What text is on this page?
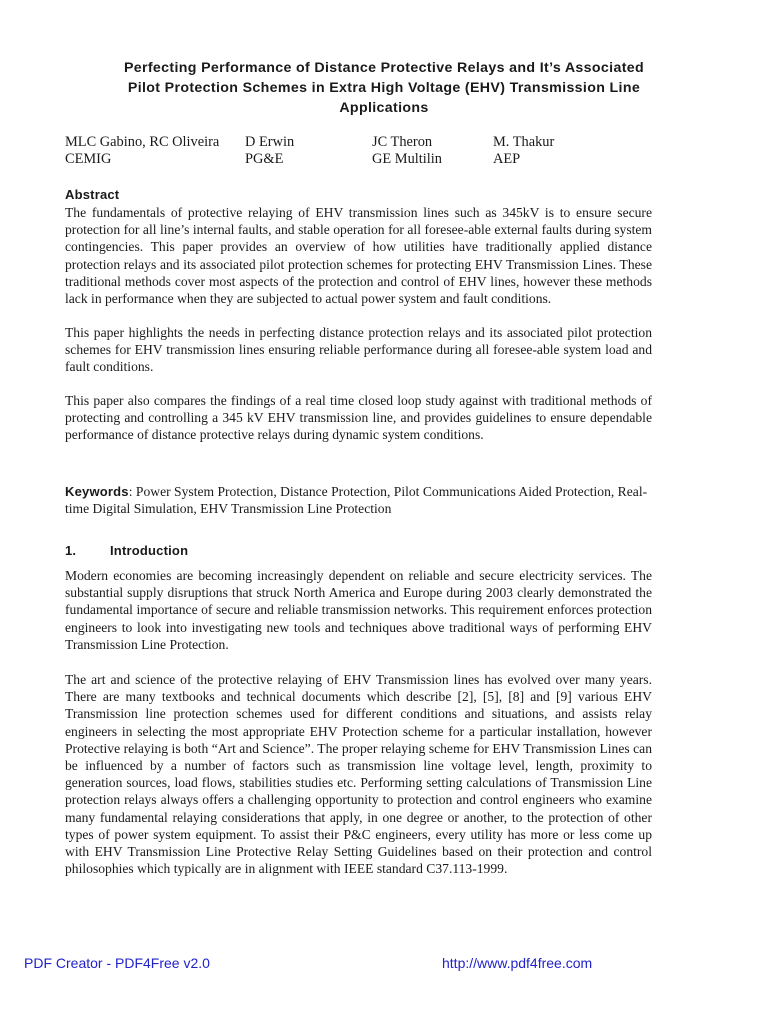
Perfecting Performance of Distance Protective Relays and It’s Associated
Pilot Protection Schemes in Extra High Voltage (EHV) Transmission Line
Applications
MLC Gabino, RC Oliveira
CEMIG
D Erwin
PG&E
JC Theron
GE Multilin
M. Thakur
AEP
Abstract

The fundamentals of protective relaying of EHV transmission lines such as 345kV is to ensure secure protection for all line’s internal faults, and stable operation for all foresee-able external faults during system contingencies. This paper provides an overview of how utilities have traditionally applied distance protection relays and its associated pilot protection schemes for protecting EHV Transmission Lines. These traditional methods cover most aspects of the protection and control of EHV lines, however these methods lack in performance when they are subjected to actual power system and fault conditions.

This paper highlights the needs in perfecting distance protection relays and its associated pilot protection schemes for EHV transmission lines ensuring reliable performance during all foresee-able system load and fault conditions.

This paper also compares the findings of a real time closed loop study against with traditional methods of protecting and controlling a 345 kV EHV transmission line, and provides guidelines to ensure dependable performance of distance protective relays during dynamic system conditions.

Keywords: Power System Protection, Distance Protection, Pilot Communications Aided Protection, Real-time Digital Simulation, EHV Transmission Line Protection

1.	Introduction

Modern economies are becoming increasingly dependent on reliable and secure electricity services. The substantial supply disruptions that struck North America and Europe during 2003 clearly demonstrated the fundamental importance of secure and reliable transmission networks. This requirement enforces protection engineers to look into investigating new tools and techniques above traditional ways of performing EHV Transmission Line Protection.

The art and science of the protective relaying of EHV Transmission lines has evolved over many years. There are many textbooks and technical documents which describe [2], [5], [8] and [9] various EHV Transmission line protection schemes used for different conditions and situations, and assists relay engineers in selecting the most appropriate EHV Protection scheme for a particular installation, however Protective relaying is both “Art and Science”. The proper relaying scheme for EHV Transmission Lines can be influenced by a number of factors such as transmission line voltage level, length, proximity to generation sources, load flows, stabilities studies etc. Performing setting calculations of Transmission Line protection relays always offers a challenging opportunity to protection and control engineers who examine many fundamental relaying considerations that apply, in one degree or another, to the protection of other types of power system equipment. To assist their P&C engineers, every utility has more or less come up with EHV Transmission Line Protective Relay Setting Guidelines based on their protection and control philosophies which typically are in alignment with IEEE standard C37.113-1999.

PDF Creator - PDF4Free v2.0	http://www.pdf4free.com
